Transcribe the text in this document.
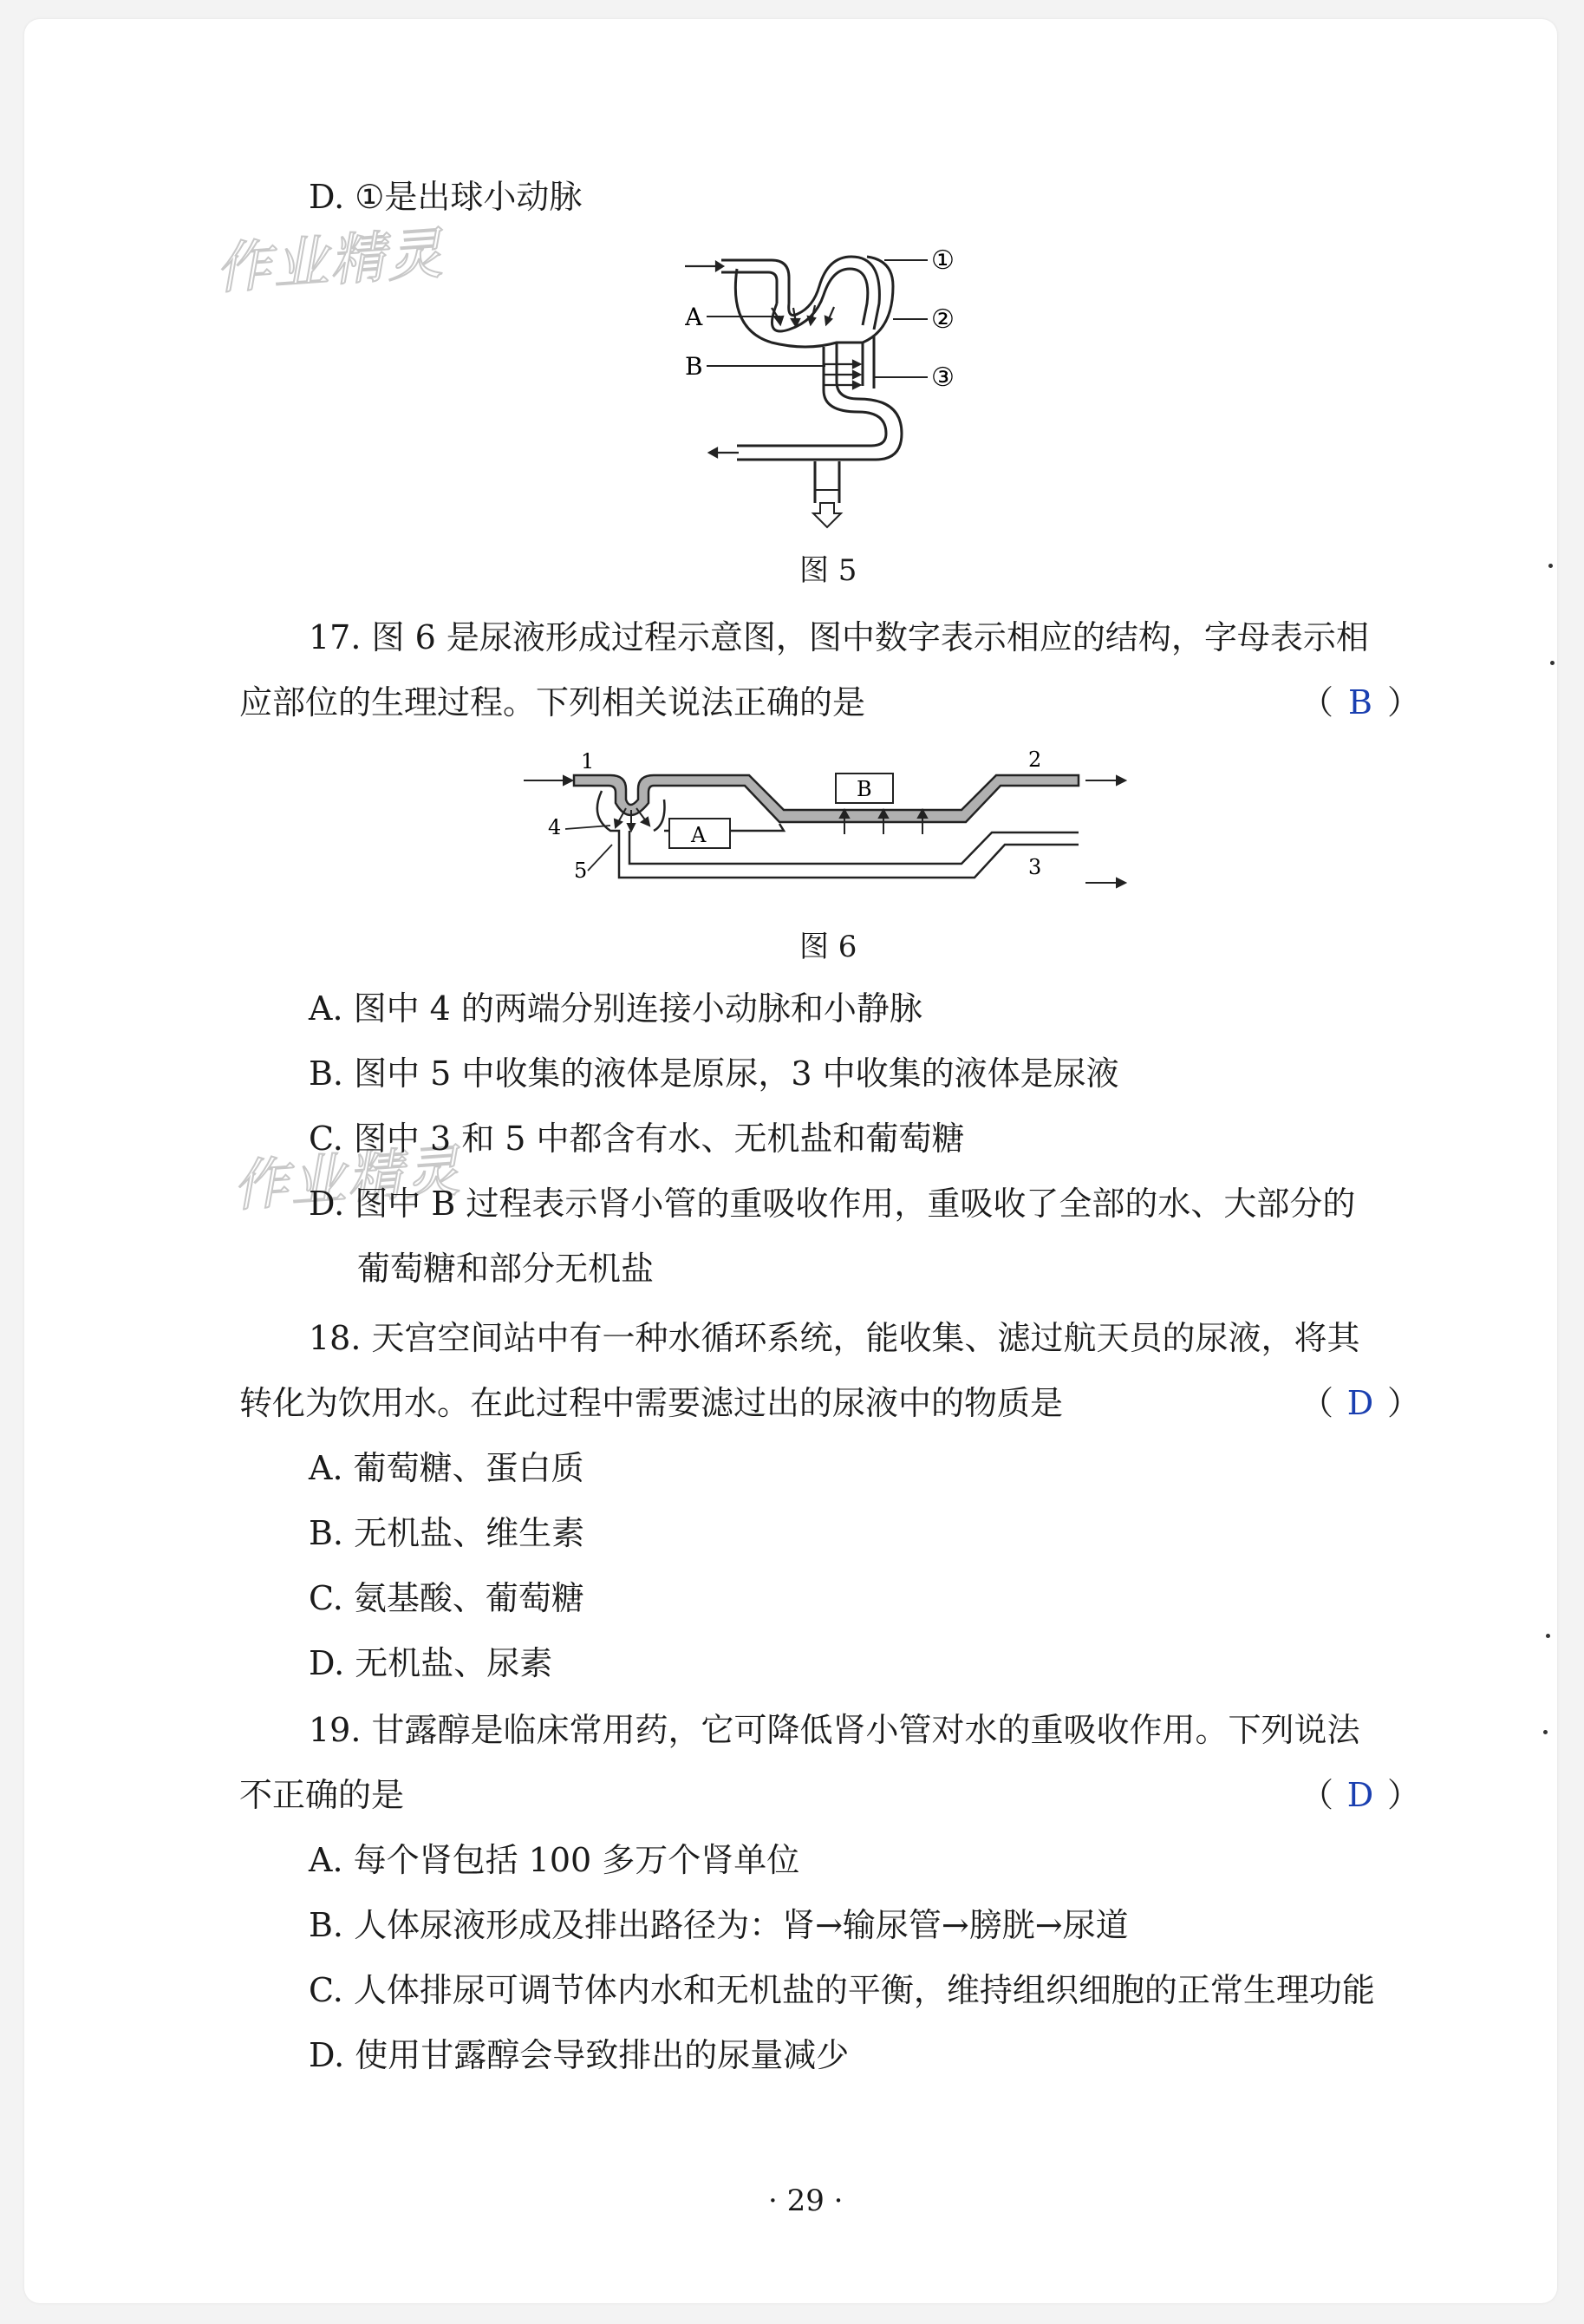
作业精灵
作业精灵
D. ①是出球小动脉
①
②
③
A
B
图 5
17. 图 6 是尿液形成过程示意图，图中数字表示相应的结构，字母表示相
应部位的生理过程。下列相关说法正确的是	（ B ）
A
B
1	2
3
4
5
图 6
A. 图中 4 的两端分别连接小动脉和小静脉
B. 图中 5 中收集的液体是原尿，3 中收集的液体是尿液
C. 图中 3 和 5 中都含有水、无机盐和葡萄糖
D. 图中 B 过程表示肾小管的重吸收作用，重吸收了全部的水、大部分的
葡萄糖和部分无机盐
18. 天宫空间站中有一种水循环系统，能收集、滤过航天员的尿液，将其
转化为饮用水。在此过程中需要滤过出的尿液中的物质是	（ D ）
A. 葡萄糖、蛋白质
B. 无机盐、维生素
C. 氨基酸、葡萄糖
D. 无机盐、尿素
19. 甘露醇是临床常用药，它可降低肾小管对水的重吸收作用。下列说法
不正确的是	（ D ）
A. 每个肾包括 100 多万个肾单位
B. 人体尿液形成及排出路径为：肾→输尿管→膀胱→尿道
C. 人体排尿可调节体内水和无机盐的平衡，维持组织细胞的正常生理功能
D. 使用甘露醇会导致排出的尿量减少
· 29 ·
